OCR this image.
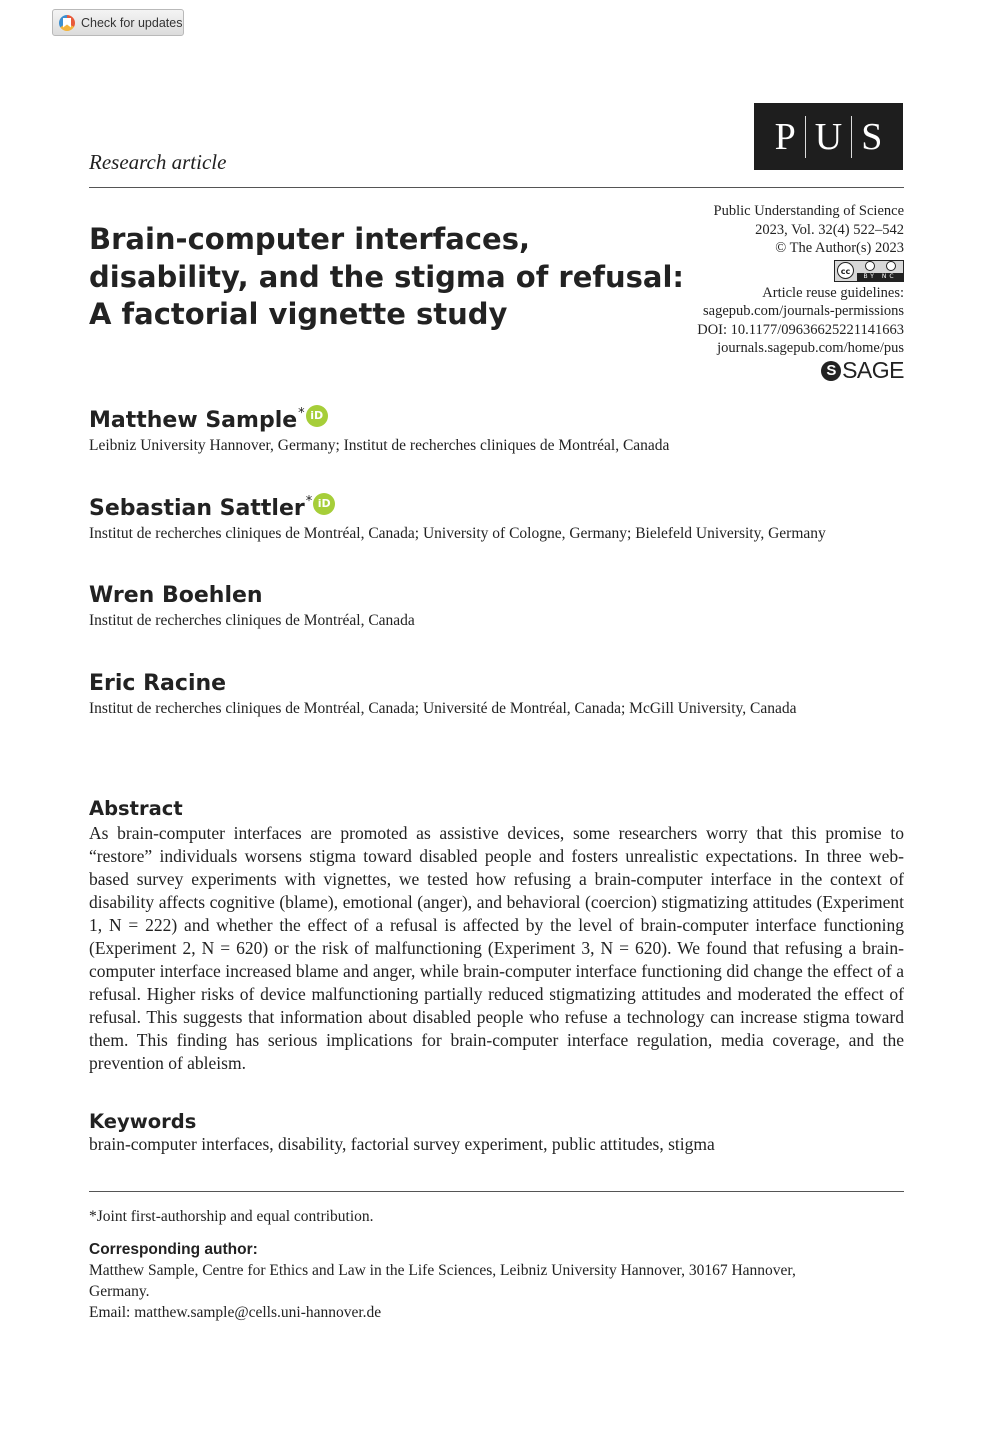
Check for updates
P U S
Research article
Brain-computer interfaces, disability, and the stigma of refusal: A factorial vignette study
Public Understanding of Science
2023, Vol. 32(4) 522–542
© The Author(s) 2023
cc
BY NC
Article reuse guidelines:
sagepub.com/journals-permissions
DOI: 10.1177/09636625221141663
journals.sagepub.com/home/pus
S SAGE
Matthew Sample * iD
Leibniz University Hannover, Germany; Institut de recherches cliniques de Montréal, Canada
Sebastian Sattler * iD
Institut de recherches cliniques de Montréal, Canada; University of Cologne, Germany; Bielefeld University, Germany
Wren Boehlen
Institut de recherches cliniques de Montréal, Canada
Eric Racine
Institut de recherches cliniques de Montréal, Canada; Université de Montréal, Canada; McGill University, Canada
Abstract
As brain-computer interfaces are promoted as assistive devices, some researchers worry that this promise to “restore” individuals worsens stigma toward disabled people and fosters unrealistic expectations. In three web-based survey experiments with vignettes, we tested how refusing a brain-computer interface in the context of disability affects cognitive (blame), emotional (anger), and behavioral (coercion) stigmatizing attitudes (Experiment 1, N = 222) and whether the effect of a refusal is affected by the level of brain-computer interface functioning (Experiment 2, N = 620) or the risk of malfunctioning (Experiment 3, N = 620). We found that refusing a brain-computer interface increased blame and anger, while brain-computer interface functioning did change the effect of a refusal. Higher risks of device malfunctioning partially reduced stigmatizing attitudes and moderated the effect of refusal. This suggests that information about disabled people who refuse a technology can increase stigma toward them. This finding has serious implications for brain-computer interface regulation, media coverage, and the prevention of ableism.
Keywords
brain-computer interfaces, disability, factorial survey experiment, public attitudes, stigma
*Joint first-authorship and equal contribution.
Corresponding author:
Matthew Sample, Centre for Ethics and Law in the Life Sciences, Leibniz University Hannover, 30167 Hannover,
Germany.
Email: matthew.sample@cells.uni-hannover.de
